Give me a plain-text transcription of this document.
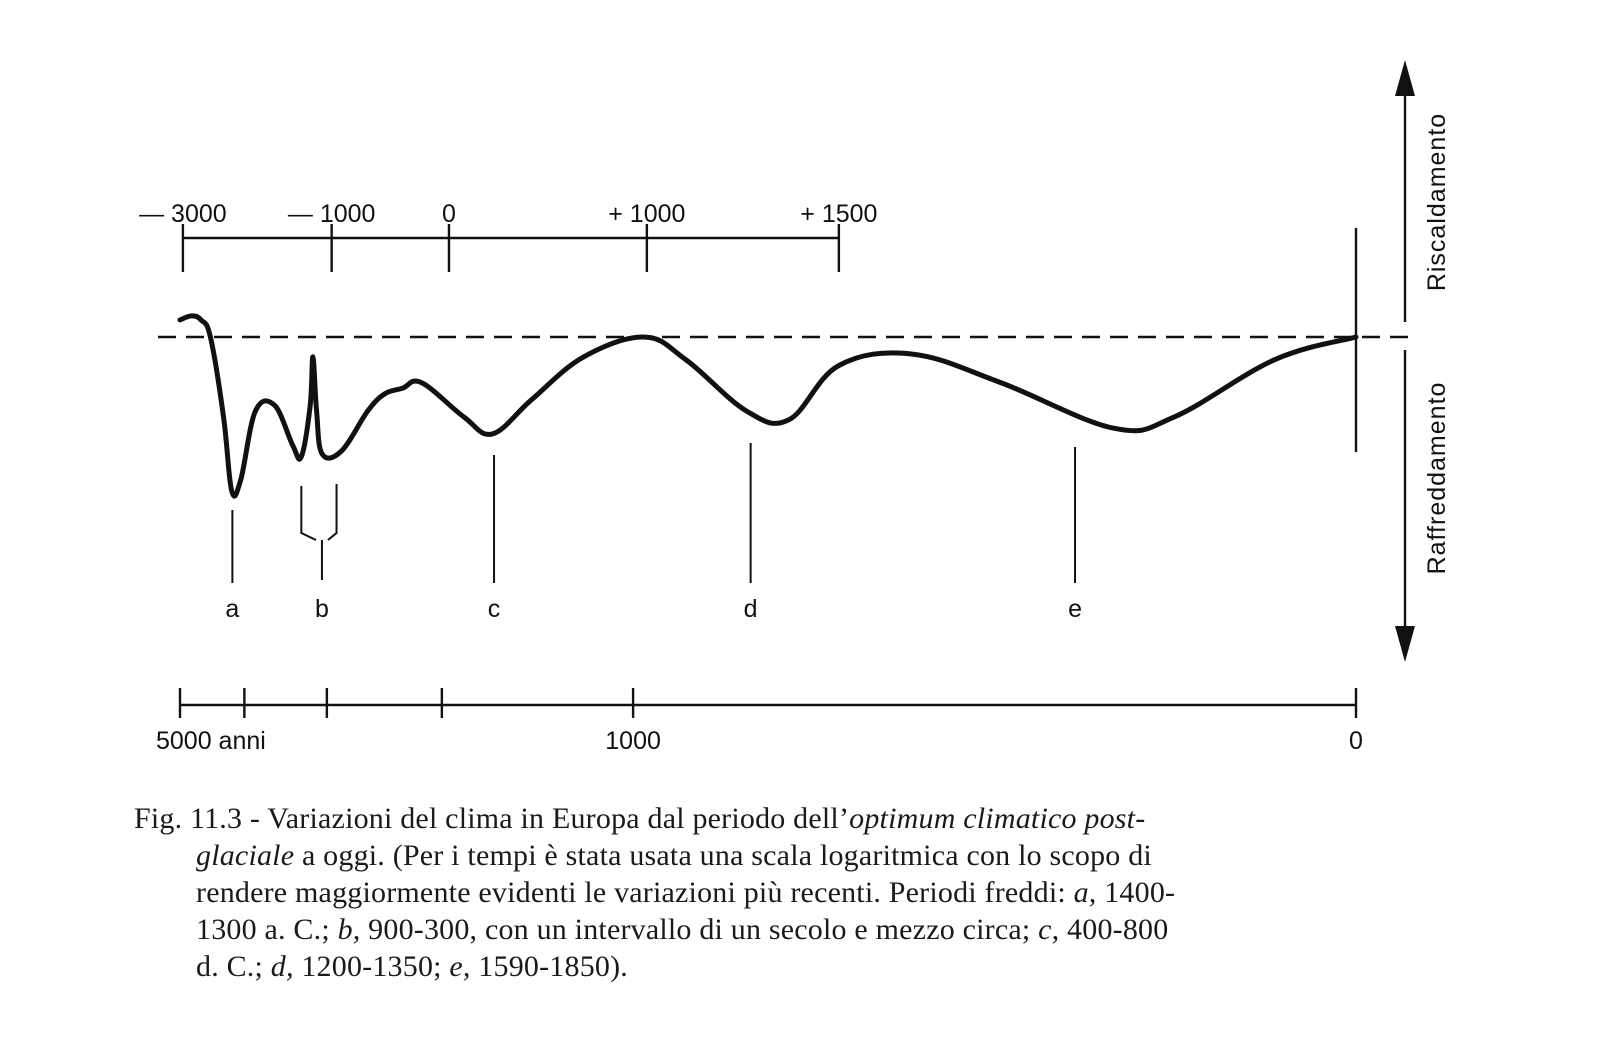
— 3000 — 1000	0	+ 1000	+ 1500
5000 anni	1000	0
Riscaldamento
Raffreddamento
a	b	c	d	e
Fig. 11.3 - Variazioni del clima in Europa dal periodo dell’optimum climatico post-
glaciale a oggi. (Per i tempi è stata usata una scala logaritmica con lo scopo di
rendere maggiormente evidenti le variazioni più recenti. Periodi freddi: a, 1400-
1300 a. C.; b, 900-300, con un intervallo di un secolo e mezzo circa; c, 400-800
d. C.; d, 1200-1350; e, 1590-1850).
